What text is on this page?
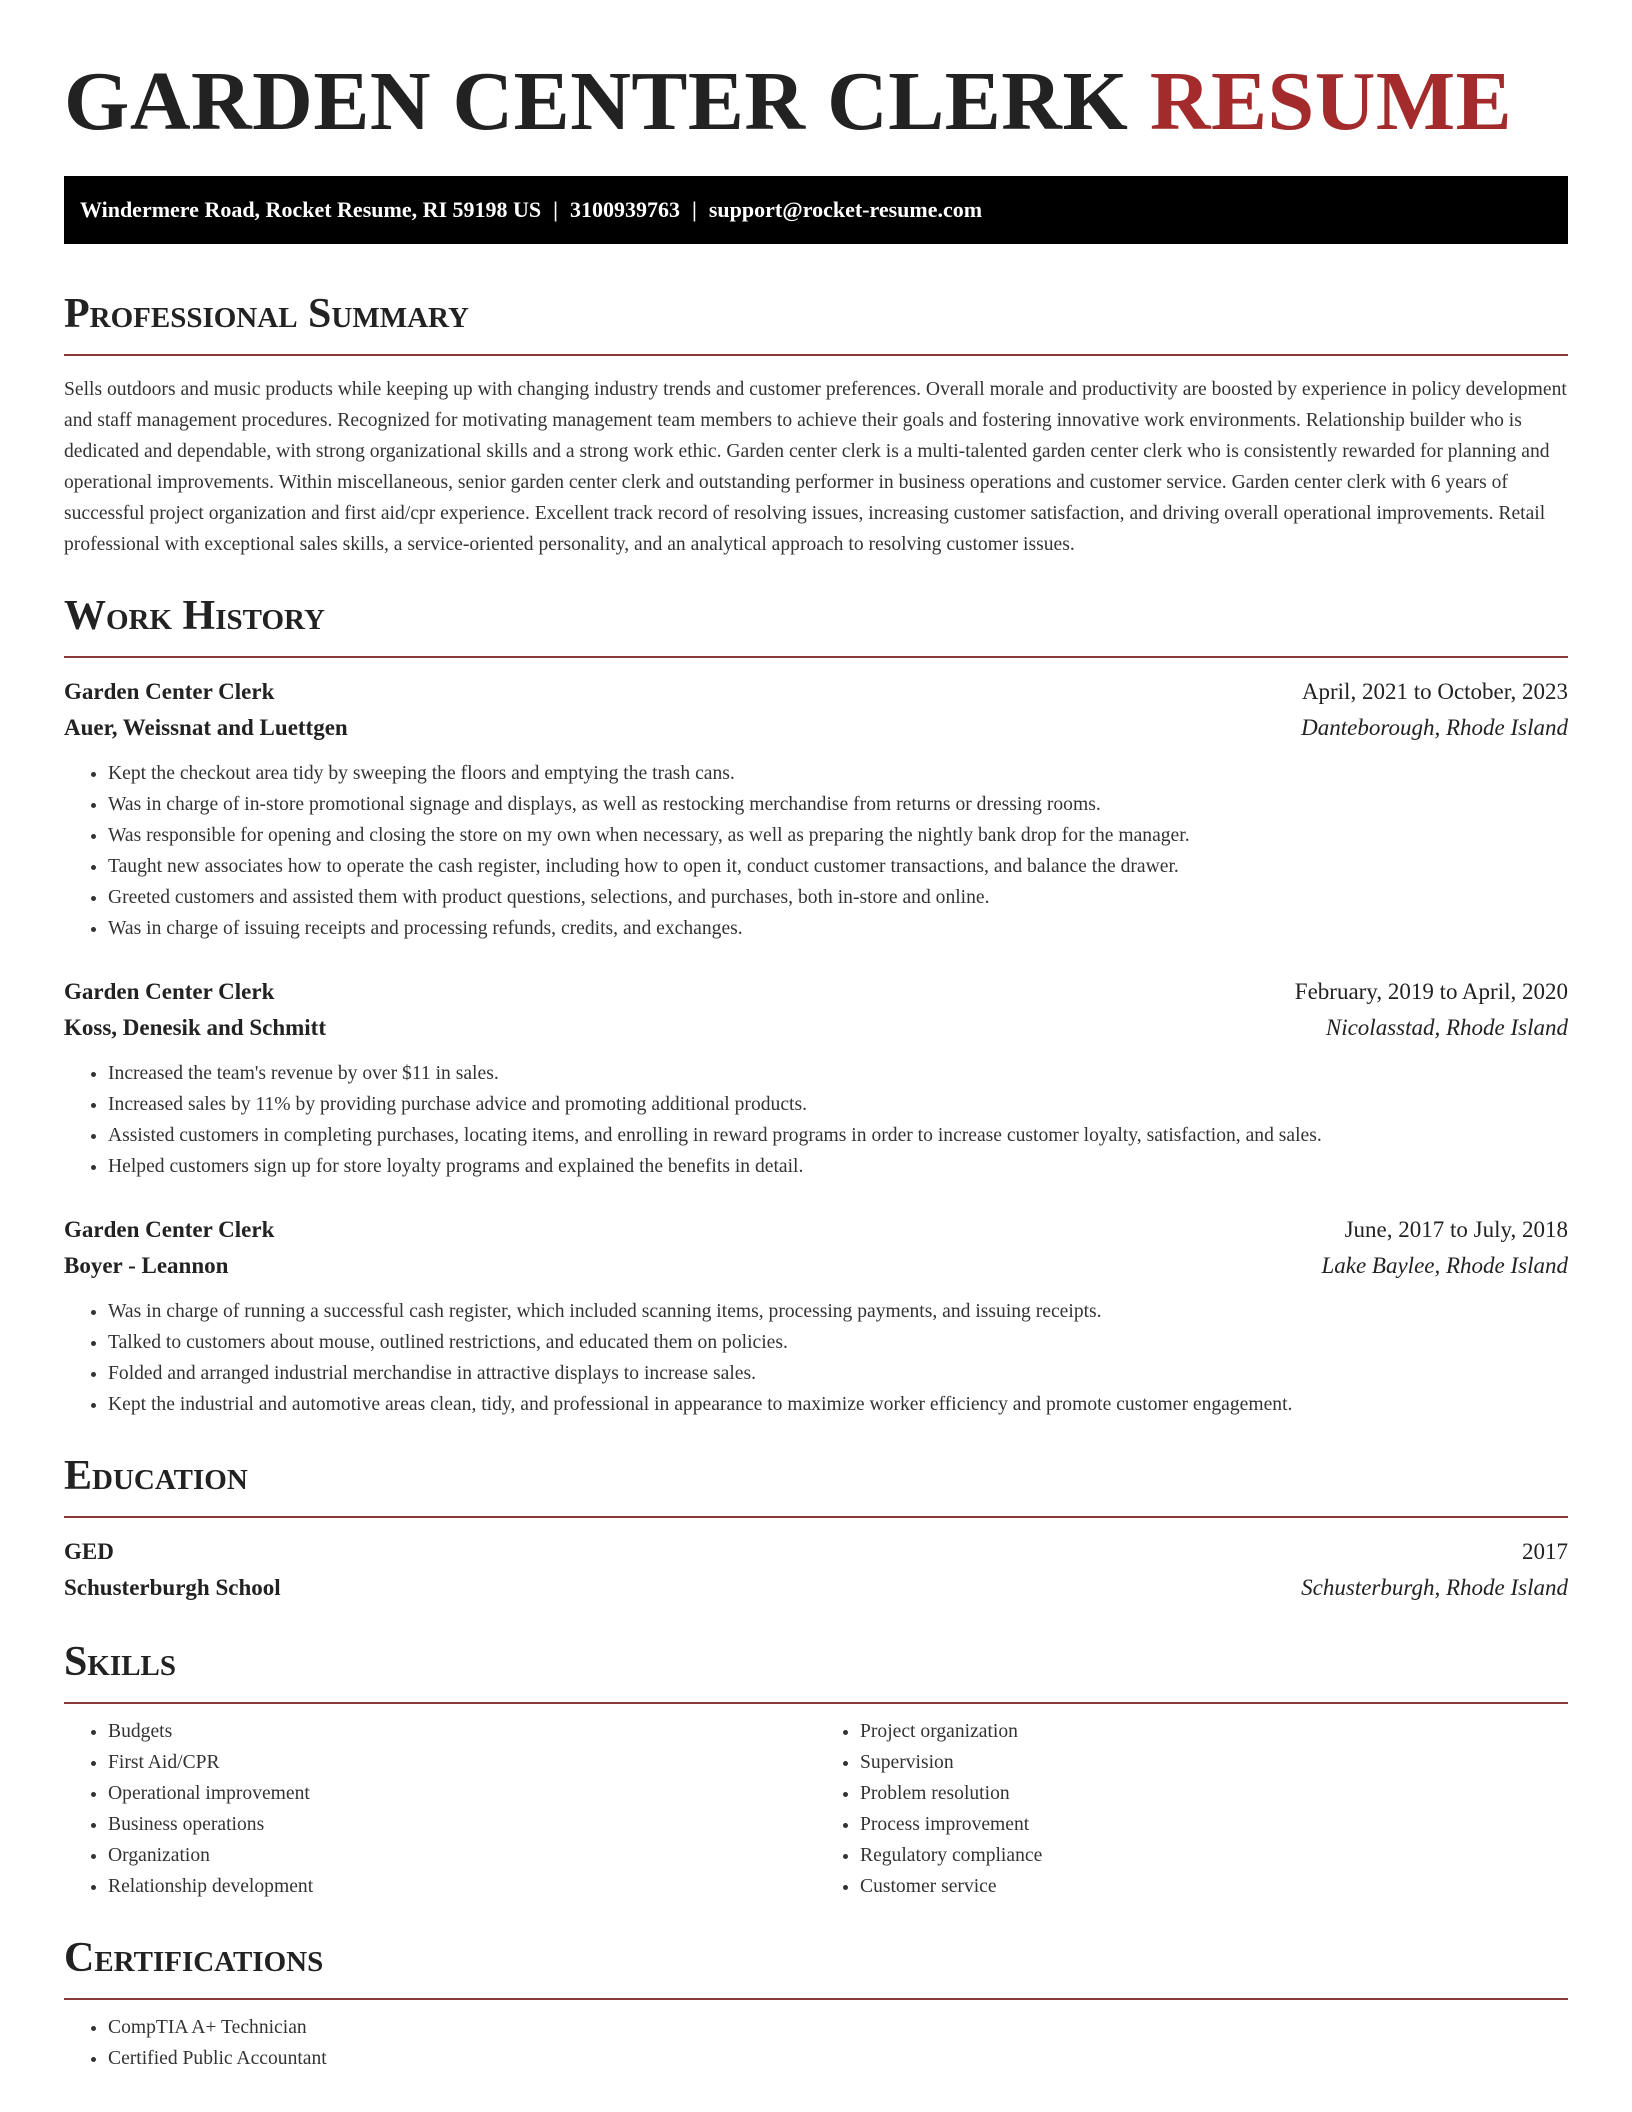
GARDEN CENTER CLERK RESUME
Windermere Road, Rocket Resume, RI 59198 US | 3100939763 | support@rocket-resume.com
Professional Summary

Sells outdoors and music products while keeping up with changing industry trends and customer preferences. Overall morale and productivity are boosted by experience in policy development and staff management procedures. Recognized for motivating management team members to achieve their goals and fostering innovative work environments. Relationship builder who is dedicated and dependable, with strong organizational skills and a strong work ethic. Garden center clerk is a multi-talented garden center clerk who is consistently rewarded for planning and operational improvements. Within miscellaneous, senior garden center clerk and outstanding performer in business operations and customer service. Garden center clerk with 6 years of successful project organization and first aid/cpr experience. Excellent track record of resolving issues, increasing customer satisfaction, and driving overall operational improvements. Retail professional with exceptional sales skills, a service-oriented personality, and an analytical approach to resolving customer issues.

Work History
Garden Center Clerk	April, 2021 to October, 2023
Auer, Weissnat and Luettgen	Danteborough, Rhode Island
• Kept the checkout area tidy by sweeping the floors and emptying the trash cans.
• Was in charge of in-store promotional signage and displays, as well as restocking merchandise from returns or dressing rooms.
• Was responsible for opening and closing the store on my own when necessary, as well as preparing the nightly bank drop for the manager.
• Taught new associates how to operate the cash register, including how to open it, conduct customer transactions, and balance the drawer.
• Greeted customers and assisted them with product questions, selections, and purchases, both in-store and online.
• Was in charge of issuing receipts and processing refunds, credits, and exchanges.
Garden Center Clerk	February, 2019 to April, 2020
Koss, Denesik and Schmitt	Nicolasstad, Rhode Island
• Increased the team's revenue by over $11 in sales.
• Increased sales by 11% by providing purchase advice and promoting additional products.
• Assisted customers in completing purchases, locating items, and enrolling in reward programs in order to increase customer loyalty, satisfaction, and sales.
• Helped customers sign up for store loyalty programs and explained the benefits in detail.
Garden Center Clerk	June, 2017 to July, 2018
Boyer - Leannon	Lake Baylee, Rhode Island
• Was in charge of running a successful cash register, which included scanning items, processing payments, and issuing receipts.
• Talked to customers about mouse, outlined restrictions, and educated them on policies.
• Folded and arranged industrial merchandise in attractive displays to increase sales.
• Kept the industrial and automotive areas clean, tidy, and professional in appearance to maximize worker efficiency and promote customer engagement.
Education
GED	2017
Schusterburgh School	Schusterburgh, Rhode Island
Skills
• Budgets
• First Aid/CPR
• Operational improvement
• Business operations
• Organization
• Relationship development
• Project organization
• Supervision
• Problem resolution
• Process improvement
• Regulatory compliance
• Customer service
Certifications
• CompTIA A+ Technician
• Certified Public Accountant
